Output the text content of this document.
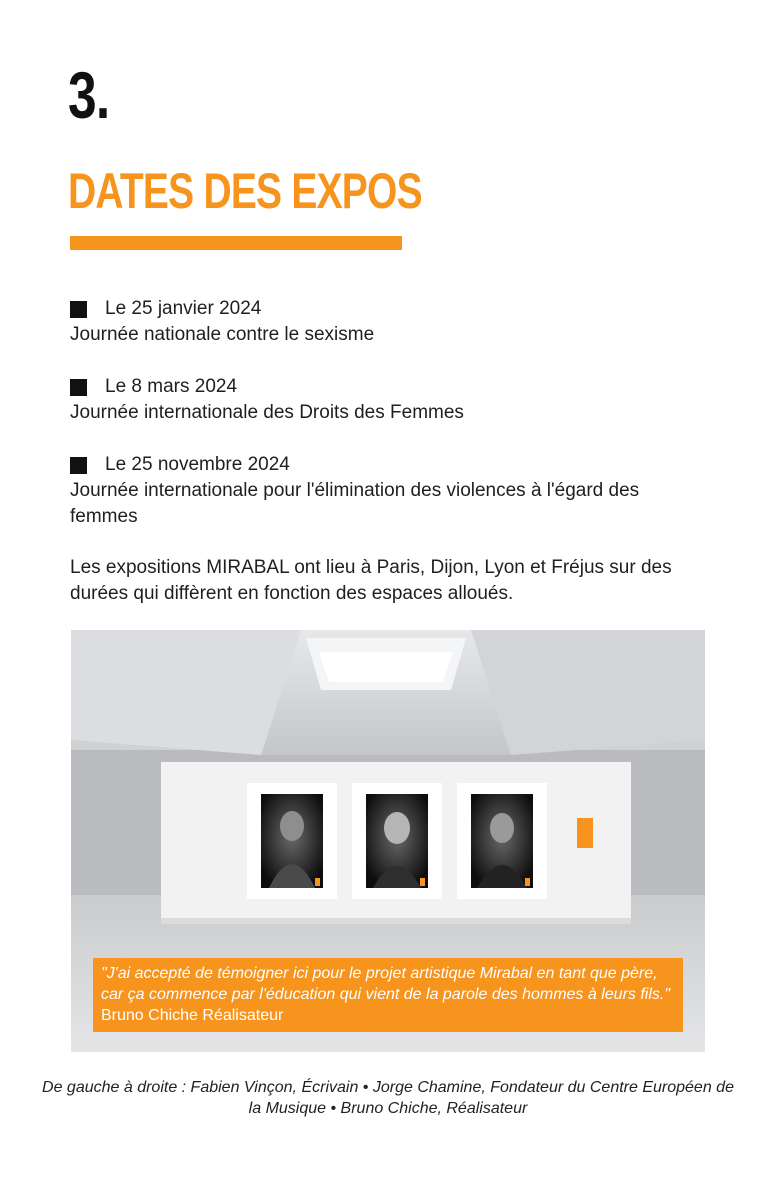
3.
DATES DES EXPOS
Le 25 janvier 2024
Journée nationale contre le sexisme
Le 8 mars 2024
Journée internationale des Droits des Femmes
Le 25 novembre 2024
Journée internationale pour l'élimination des violences à l'égard des femmes
Les expositions MIRABAL ont lieu à Paris, Dijon, Lyon et Fréjus sur des durées qui diffèrent en fonction des espaces alloués.
"J'ai accepté de témoigner ici pour le projet artistique Mirabal en tant que père, car ça commence par l'éducation qui vient de la parole des hommes à leurs fils." Bruno Chiche Réalisateur
De gauche à droite : Fabien Vinçon, Écrivain • Jorge Chamine, Fondateur du Centre Européen de la Musique • Bruno Chiche, Réalisateur
